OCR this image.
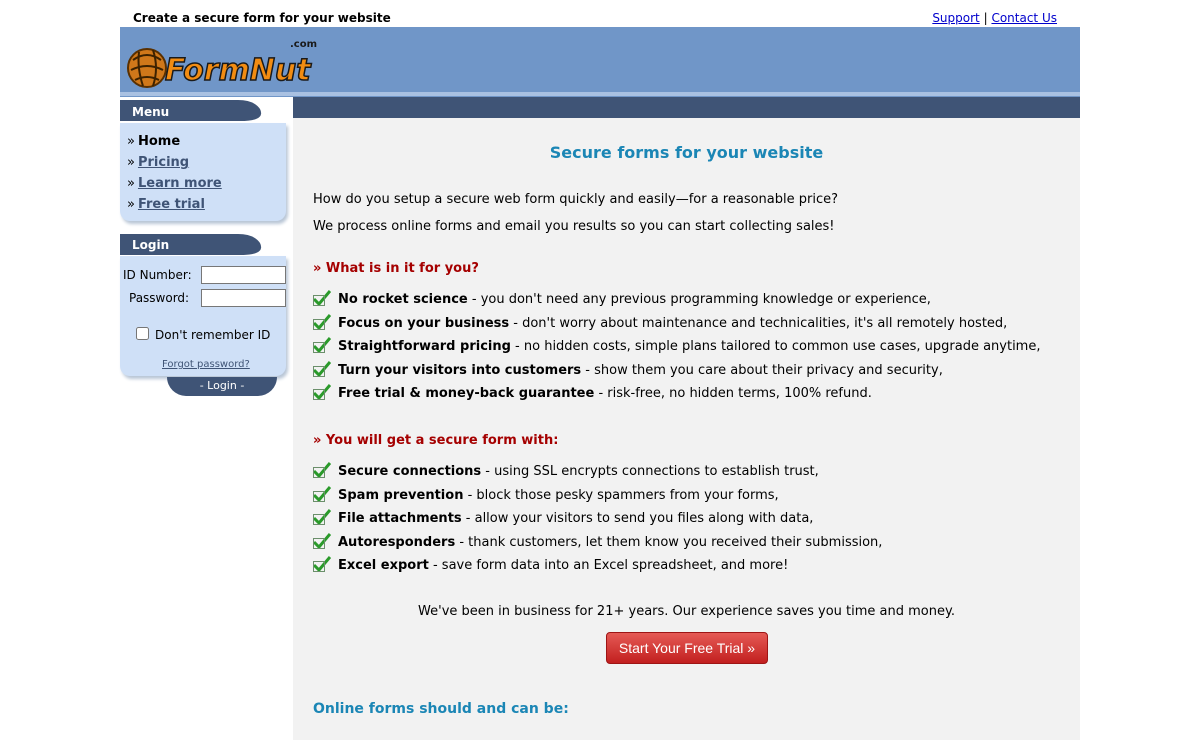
Create a secure form for your website	Support | Contact Us
FormNut
.com
Menu
» Home
» Pricing
» Learn more
» Free trial
Login
ID Number:
Password:
Don't remember ID
Forgot password?
- Login -
Secure forms for your website
How do you setup a secure web form quickly and easily—for a reasonable price?
We process online forms and email you results so you can start collecting sales!
» What is in it for you?
No rocket science - you don't need any previous programming knowledge or experience,
Focus on your business - don't worry about maintenance and technicalities, it's all remotely hosted,
Straightforward pricing - no hidden costs, simple plans tailored to common use cases, upgrade anytime,
Turn your visitors into customers - show them you care about their privacy and security,
Free trial & money-back guarantee - risk-free, no hidden terms, 100% refund.
» You will get a secure form with:
Secure connections - using SSL encrypts connections to establish trust,
Spam prevention - block those pesky spammers from your forms,
File attachments - allow your visitors to send you files along with data,
Autoresponders - thank customers, let them know you received their submission,
Excel export - save form data into an Excel spreadsheet, and more!
We've been in business for 21+ years. Our experience saves you time and money.
Start Your Free Trial »
Online forms should and can be:
